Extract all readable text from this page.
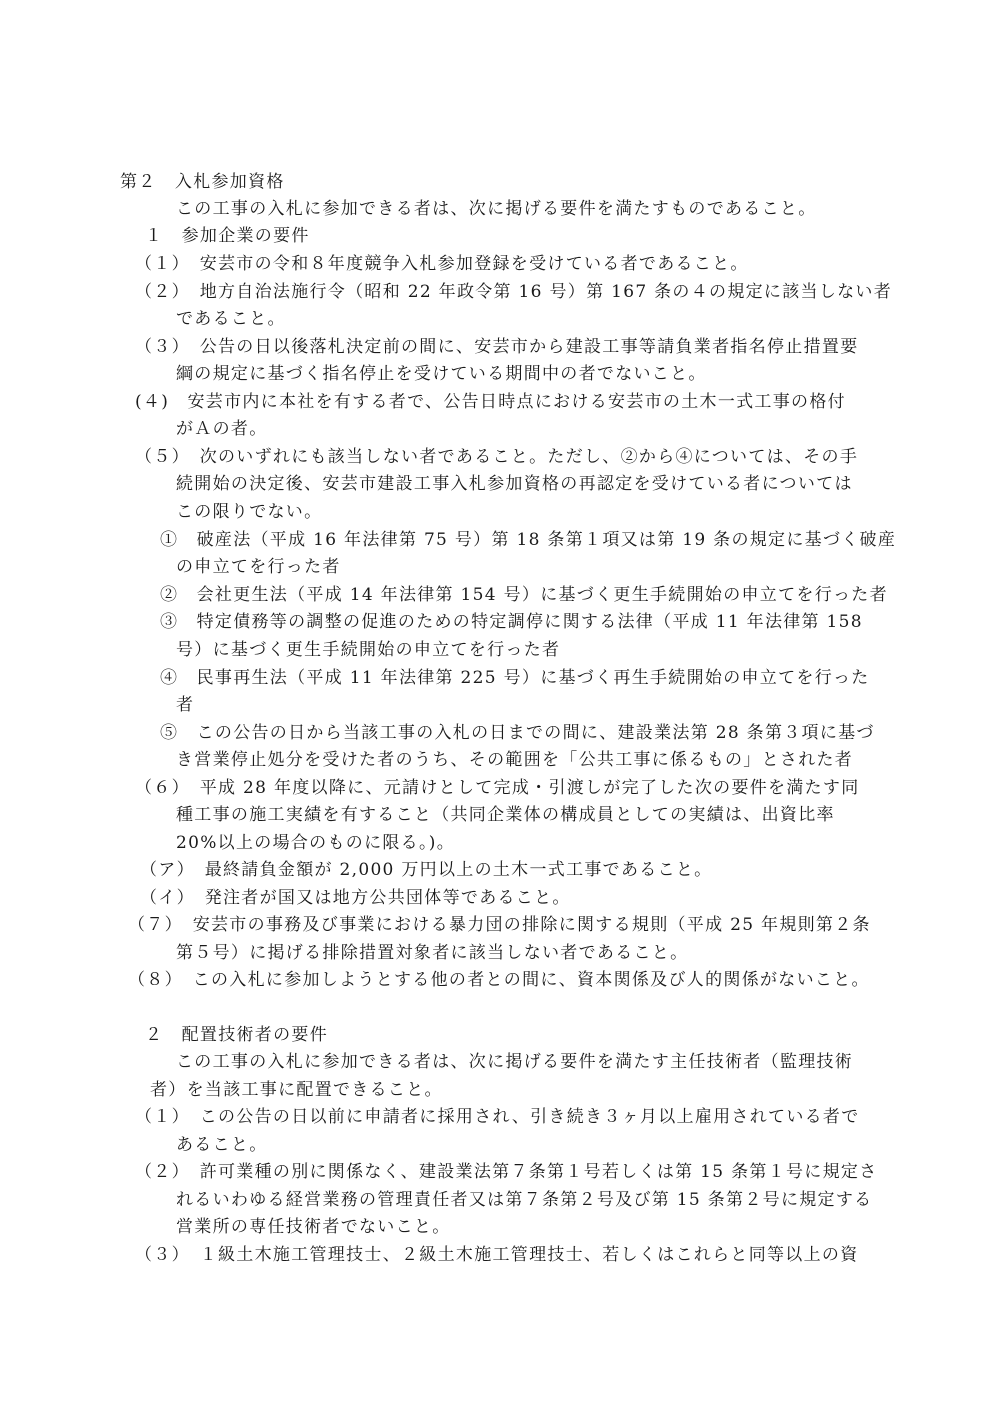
第２　入札参加資格
この工事の入札に参加できる者は、次に掲げる要件を満たすものであること。
１　参加企業の要件
（１）　安芸市の令和８年度競争入札参加登録を受けている者であること。
（２）　地方自治法施行令（昭和 22 年政令第 16 号）第 167 条の４の規定に該当しない者
であること。
（３）　公告の日以後落札決定前の間に、安芸市から建設工事等請負業者指名停止措置要
綱の規定に基づく指名停止を受けている期間中の者でないこと。
(４)　安芸市内に本社を有する者で、公告日時点における安芸市の土木一式工事の格付
がＡの者。
（５）　次のいずれにも該当しない者であること。ただし、②から④については、その手
続開始の決定後、安芸市建設工事入札参加資格の再認定を受けている者については
この限りでない。
①　破産法（平成 16 年法律第 75 号）第 18 条第１項又は第 19 条の規定に基づく破産
の申立てを行った者
②　会社更生法（平成 14 年法律第 154 号）に基づく更生手続開始の申立てを行った者
③　特定債務等の調整の促進のための特定調停に関する法律（平成 11 年法律第 158
号）に基づく更生手続開始の申立てを行った者
④　民事再生法（平成 11 年法律第 225 号）に基づく再生手続開始の申立てを行った
者
⑤　この公告の日から当該工事の入札の日までの間に、建設業法第 28 条第３項に基づ
き営業停止処分を受けた者のうち、その範囲を「公共工事に係るもの」とされた者
（６）　平成 28 年度以降に、元請けとして完成・引渡しが完了した次の要件を満たす同
種工事の施工実績を有すること（共同企業体の構成員としての実績は、出資比率
20%以上の場合のものに限る。)。
（ア）　最終請負金額が 2,000 万円以上の土木一式工事であること。
（イ）　発注者が国又は地方公共団体等であること。
（７）　安芸市の事務及び事業における暴力団の排除に関する規則（平成 25 年規則第２条
第５号）に掲げる排除措置対象者に該当しない者であること。
（８）　この入札に参加しようとする他の者との間に、資本関係及び人的関係がないこと。
２　配置技術者の要件
この工事の入札に参加できる者は、次に掲げる要件を満たす主任技術者（監理技術
者）を当該工事に配置できること。
（１）　この公告の日以前に申請者に採用され、引き続き３ヶ月以上雇用されている者で
あること。
（２）　許可業種の別に関係なく、建設業法第７条第１号若しくは第 15 条第１号に規定さ
れるいわゆる経営業務の管理責任者又は第７条第２号及び第 15 条第２号に規定する
営業所の専任技術者でないこと。
（３）　１級土木施工管理技士、２級土木施工管理技士、若しくはこれらと同等以上の資
